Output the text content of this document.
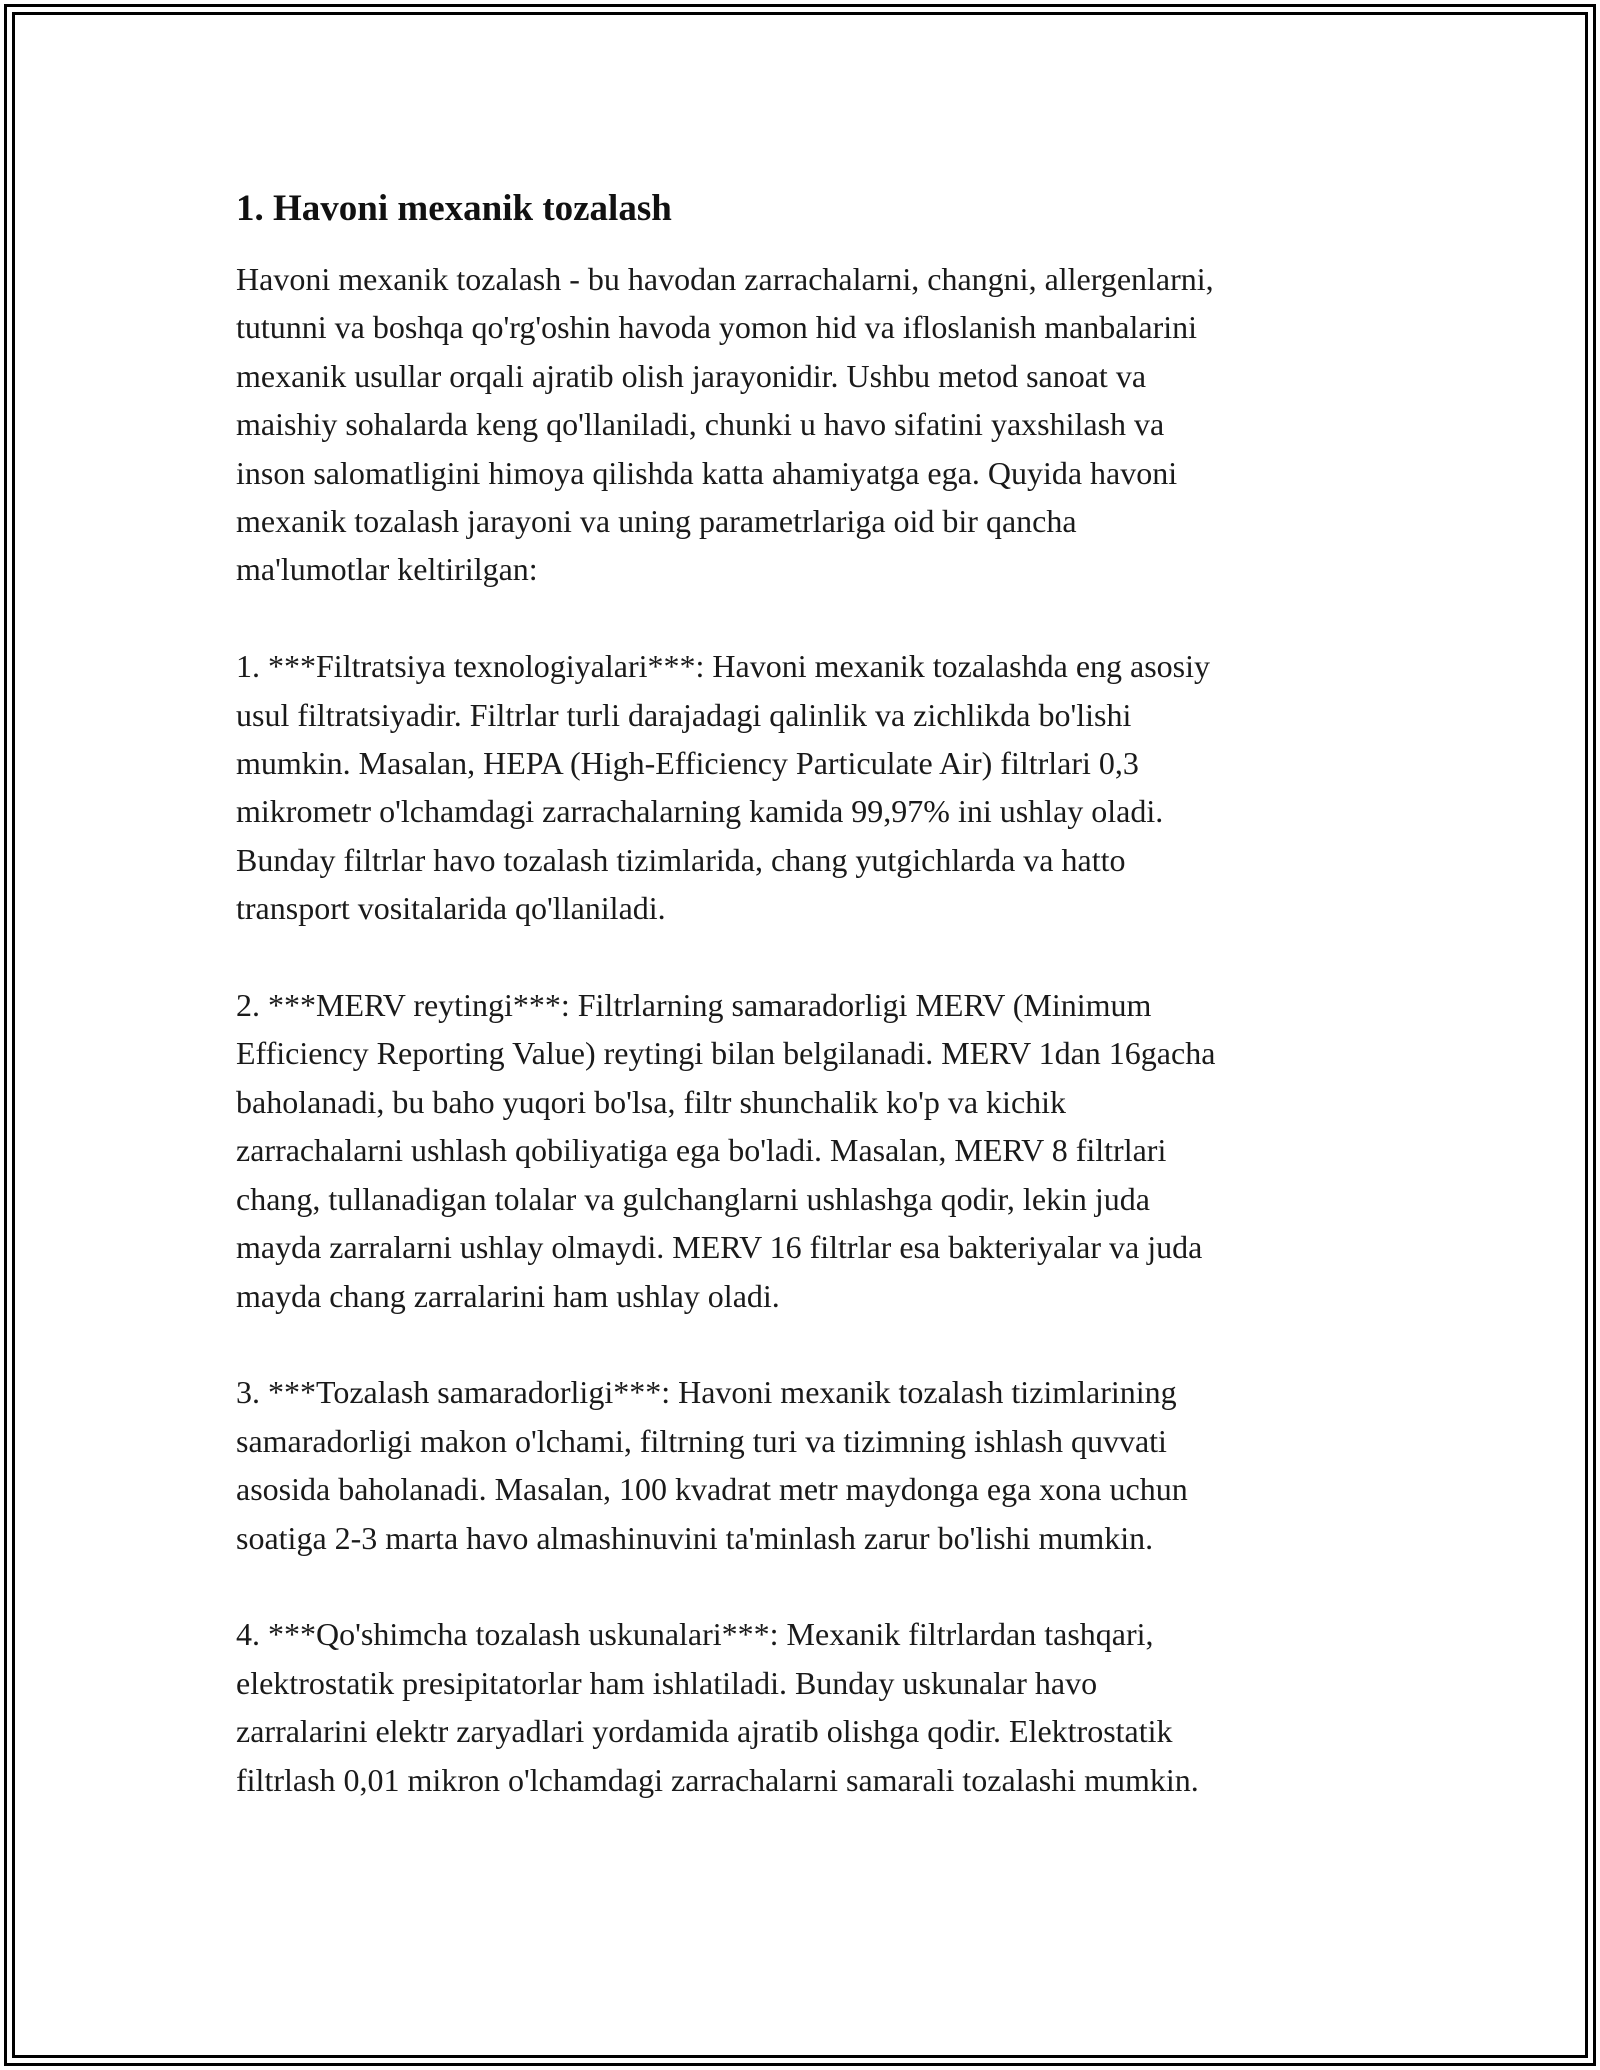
1. Havoni mexanik tozalash

Havoni mexanik tozalash - bu havodan zarrachalarni, changni, allergenlarni,
tutunni va boshqa qo'rg'oshin havoda yomon hid va ifloslanish manbalarini
mexanik usullar orqali ajratib olish jarayonidir. Ushbu metod sanoat va
maishiy sohalarda keng qo'llaniladi, chunki u havo sifatini yaxshilash va
inson salomatligini himoya qilishda katta ahamiyatga ega. Quyida havoni
mexanik tozalash jarayoni va uning parametrlariga oid bir qancha
ma'lumotlar keltirilgan:

1. ***Filtratsiya texnologiyalari***: Havoni mexanik tozalashda eng asosiy
usul filtratsiyadir. Filtrlar turli darajadagi qalinlik va zichlikda bo'lishi
mumkin. Masalan, HEPA (High-Efficiency Particulate Air) filtrlari 0,3
mikrometr o'lchamdagi zarrachalarning kamida 99,97% ini ushlay oladi.
Bunday filtrlar havo tozalash tizimlarida, chang yutgichlarda va hatto
transport vositalarida qo'llaniladi.

2. ***MERV reytingi***: Filtrlarning samaradorligi MERV (Minimum
Efficiency Reporting Value) reytingi bilan belgilanadi. MERV 1dan 16gacha
baholanadi, bu baho yuqori bo'lsa, filtr shunchalik ko'p va kichik
zarrachalarni ushlash qobiliyatiga ega bo'ladi. Masalan, MERV 8 filtrlari
chang, tullanadigan tolalar va gulchanglarni ushlashga qodir, lekin juda
mayda zarralarni ushlay olmaydi. MERV 16 filtrlar esa bakteriyalar va juda
mayda chang zarralarini ham ushlay oladi.

3. ***Tozalash samaradorligi***: Havoni mexanik tozalash tizimlarining
samaradorligi makon o'lchami, filtrning turi va tizimning ishlash quvvati
asosida baholanadi. Masalan, 100 kvadrat metr maydonga ega xona uchun
soatiga 2-3 marta havo almashinuvini ta'minlash zarur bo'lishi mumkin.

4. ***Qo'shimcha tozalash uskunalari***: Mexanik filtrlardan tashqari,
elektrostatik presipitatorlar ham ishlatiladi. Bunday uskunalar havo
zarralarini elektr zaryadlari yordamida ajratib olishga qodir. Elektrostatik
filtrlash 0,01 mikron o'lchamdagi zarrachalarni samarali tozalashi mumkin.
